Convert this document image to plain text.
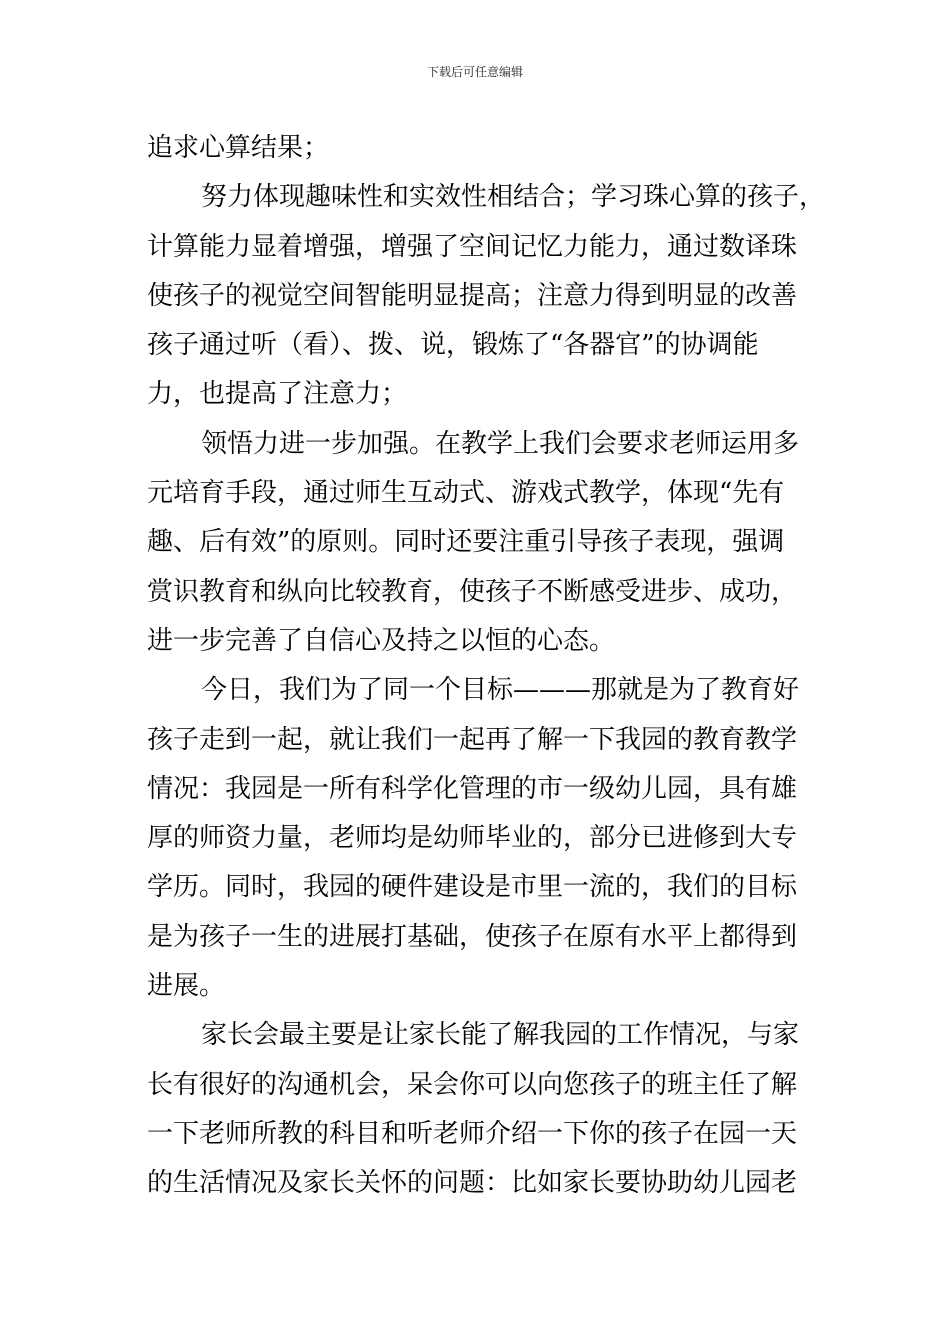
下载后可任意编辑
追求心算结果；
努力体现趣味性和实效性相结合；学习珠心算的孩子，
计算能力显着增强，增强了空间记忆力能力，通过数译珠
使孩子的视觉空间智能明显提高；注意力得到明显的改善
孩子通过听（看）、拨、说，锻炼了“各器官”的协调能
力，也提高了注意力；
领悟力进一步加强。在教学上我们会要求老师运用多
元培育手段，通过师生互动式、游戏式教学，体现“先有
趣、后有效”的原则。同时还要注重引导孩子表现，强调
赏识教育和纵向比较教育，使孩子不断感受进步、成功，
进一步完善了自信心及持之以恒的心态。
今日，我们为了同一个目标———那就是为了教育好
孩子走到一起，就让我们一起再了解一下我园的教育教学
情况：我园是一所有科学化管理的市一级幼儿园，具有雄
厚的师资力量，老师均是幼师毕业的，部分已进修到大专
学历。同时，我园的硬件建设是市里一流的，我们的目标
是为孩子一生的进展打基础，使孩子在原有水平上都得到
进展。
家长会最主要是让家长能了解我园的工作情况，与家
长有很好的沟通机会，呆会你可以向您孩子的班主任了解
一下老师所教的科目和听老师介绍一下你的孩子在园一天
的生活情况及家长关怀的问题：比如家长要协助幼儿园老
